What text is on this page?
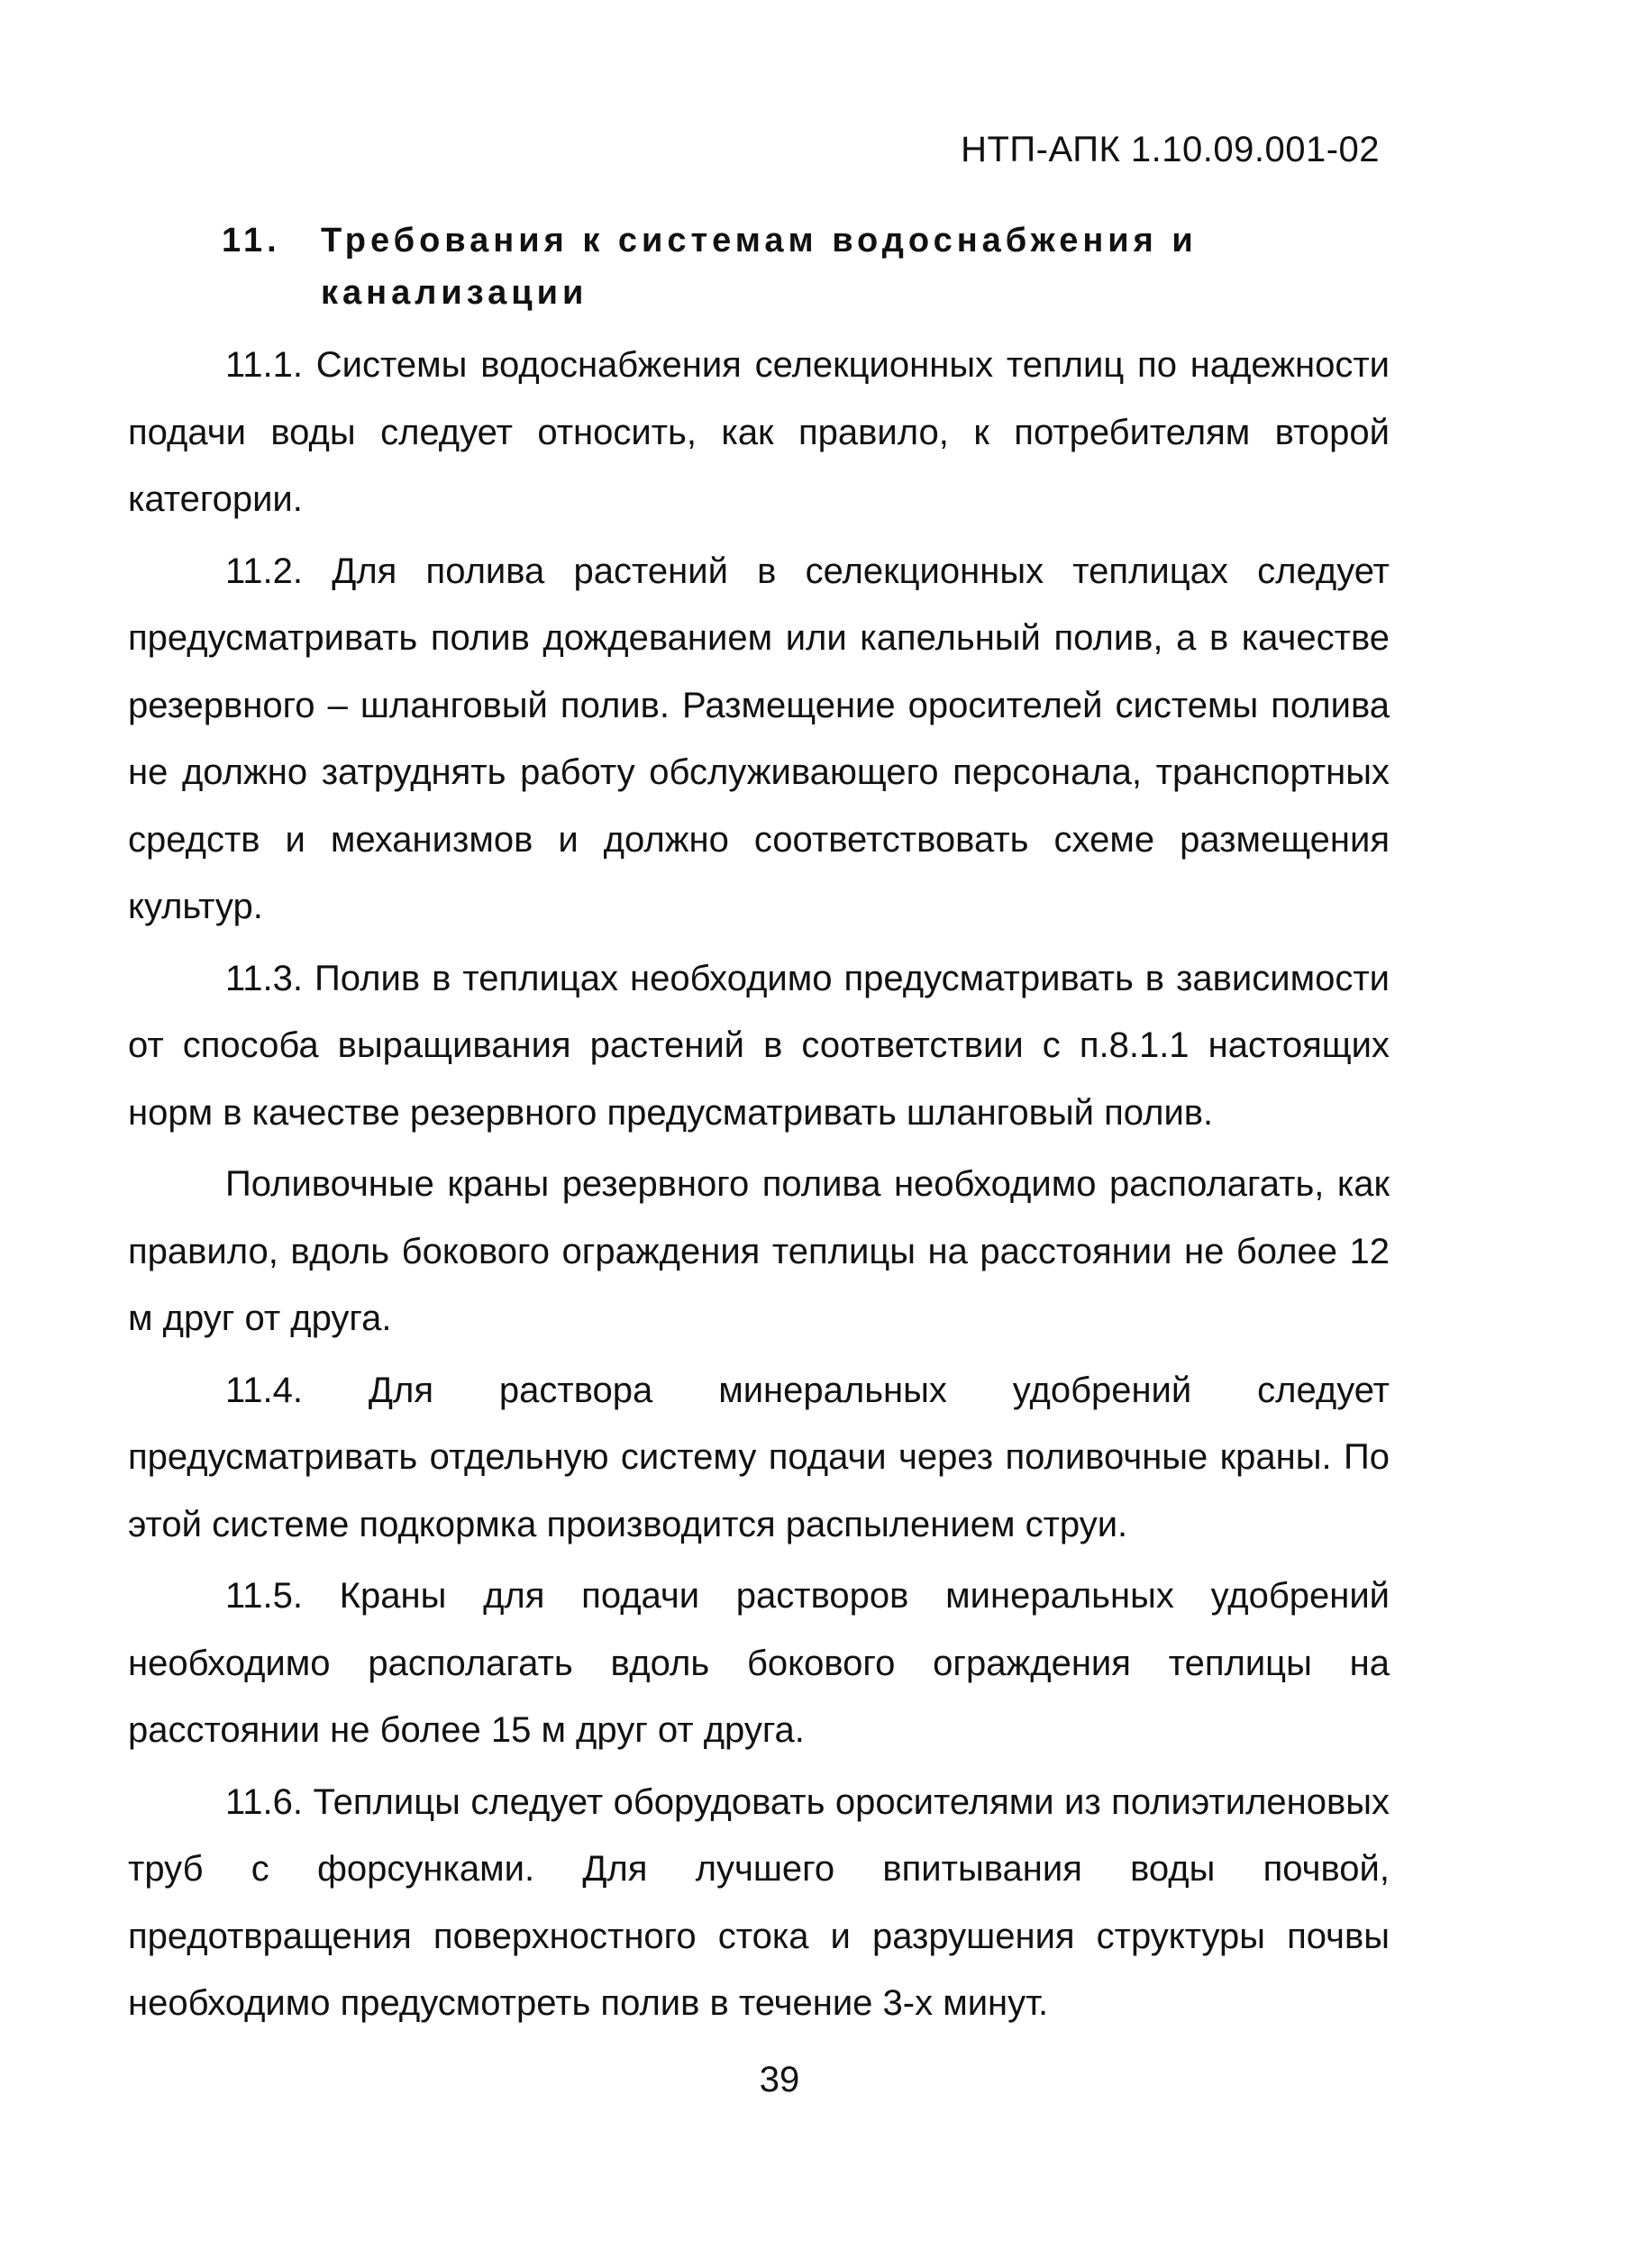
НТП-АПК 1.10.09.001-02
11. Требования к системам водоснабжения и канализации

11.1. Системы водоснабжения селекционных теплиц по надежности подачи воды следует относить, как правило, к потребителям второй категории.

11.2. Для полива растений в селекционных теплицах следует предусматривать полив дождеванием или капельный полив, а в качестве резервного – шланговый полив. Размещение оросителей системы полива не должно затруднять работу обслуживающего персонала, транспортных средств и механизмов и должно соответствовать схеме размещения культур.

11.3. Полив в теплицах необходимо предусматривать в зависимости от способа выращивания растений в соответствии с п.8.1.1 настоящих норм в качестве резервного предусматривать шланговый полив.

Поливочные краны резервного полива необходимо располагать, как правило, вдоль бокового ограждения теплицы на расстоянии не более 12 м друг от друга.

11.4. Для раствора минеральных удобрений следует предусматривать отдельную систему подачи через поливочные краны. По этой системе подкормка производится распылением струи.

11.5. Краны для подачи растворов минеральных удобрений необходимо располагать вдоль бокового ограждения теплицы на расстоянии не более 15 м друг от друга.

11.6. Теплицы следует оборудовать оросителями из полиэтиленовых труб с форсунками. Для лучшего впитывания воды почвой, предотвращения поверхностного стока и разрушения структуры почвы необходимо предусмотреть полив в течение 3-х минут.

39
